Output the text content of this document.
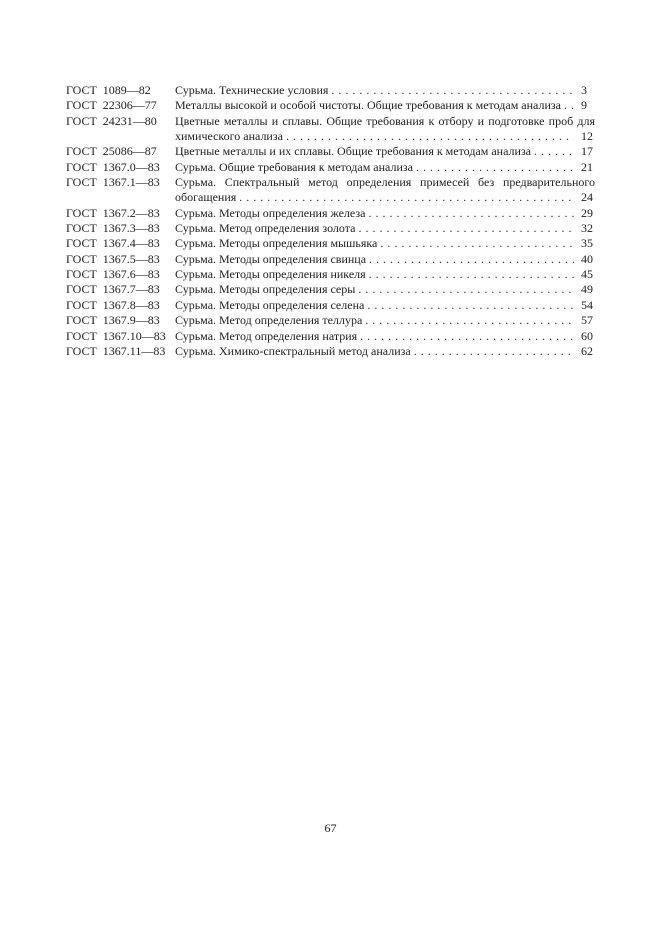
ГОСТ 1089—82	Сурьма. Технические условия . . .	3
ГОСТ 22306—77	Металлы высокой и особой чистоты. Общие требования к методам анализа . . . 9
ГОСТ 24231—80	Цветные металлы и сплавы. Общие требования к отбору и подготовке проб для
химического анализа . . .	12
ГОСТ 25086—87	Цветные металлы и их сплавы. Общие требования к методам анализа . . .	17
ГОСТ 1367.0—83	Сурьма. Общие требования к методам анализа . . .	21
ГОСТ 1367.1—83	Сурьма. Спектральный метод определения примесей без предварительного
обогащения . . .	24
ГОСТ 1367.2—83	Сурьма. Методы определения железа . . .	29
ГОСТ 1367.3—83	Сурьма. Метод определения золота . . .	32
ГОСТ 1367.4—83	Сурьма. Методы определения мышьяка . . .	35
ГОСТ 1367.5—83	Сурьма. Методы определения свинца . . .	40
ГОСТ 1367.6—83	Сурьма. Методы определения никеля . . .	45
ГОСТ 1367.7—83	Сурьма. Методы определения серы . . .	49
ГОСТ 1367.8—83	Сурьма. Методы определения селена . . .	54
ГОСТ 1367.9—83	Сурьма. Метод определения теллура . . .	57
ГОСТ 1367.10—83 Сурьма. Метод определения натрия . . .	60
ГОСТ 1367.11—83 Сурьма. Химико-спектральный метод анализа . . .	62
67
